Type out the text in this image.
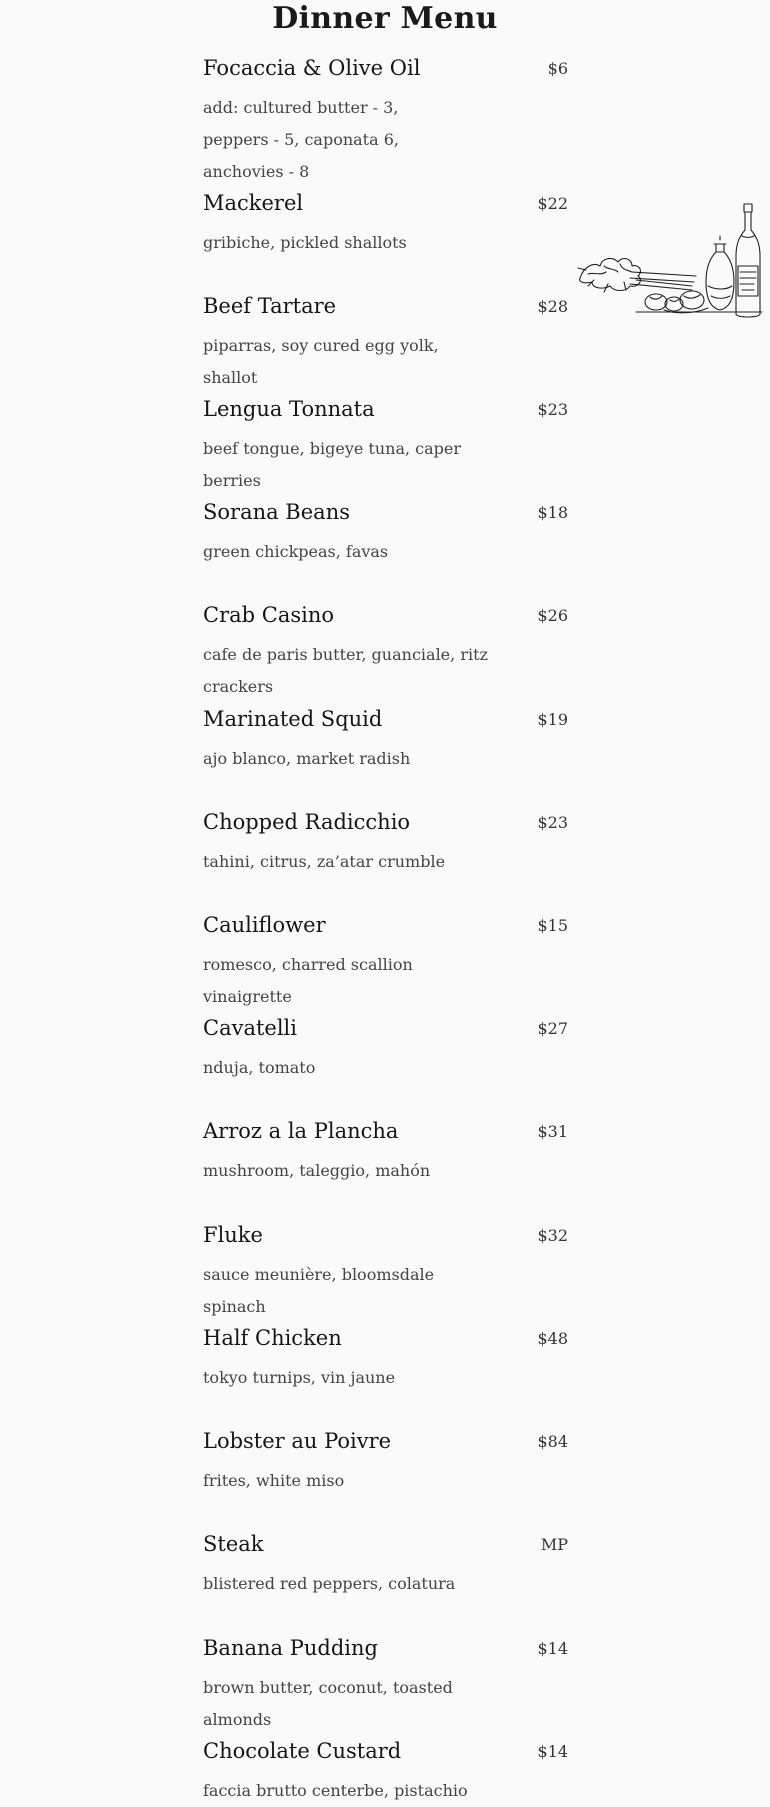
Dinner Menu
Focaccia & Olive Oil	$6
add: cultured butter - 3, peppers - 5, caponata 6, anchovies - 8
Mackerel	$22
gribiche, pickled shallots
Beef Tartare	$28
piparras, soy cured egg yolk, shallot
Lengua Tonnata	$23
beef tongue, bigeye tuna, caper berries
Sorana Beans	$18
green chickpeas, favas
Crab Casino	$26
cafe de paris butter, guanciale, ritz crackers
Marinated Squid	$19
ajo blanco, market radish
Chopped Radicchio	$23
tahini, citrus, za’atar crumble
Cauliflower	$15
romesco, charred scallion vinaigrette
Cavatelli	$27
nduja, tomato
Arroz a la Plancha	$31
mushroom, taleggio, mahón
Fluke	$32
sauce meunière, bloomsdale spinach
Half Chicken	$48
tokyo turnips, vin jaune
Lobster au Poivre	$84
frites, white miso
Steak	MP
blistered red peppers, colatura
Banana Pudding	$14
brown butter, coconut, toasted almonds
Chocolate Custard	$14
faccia brutto centerbe, pistachio
